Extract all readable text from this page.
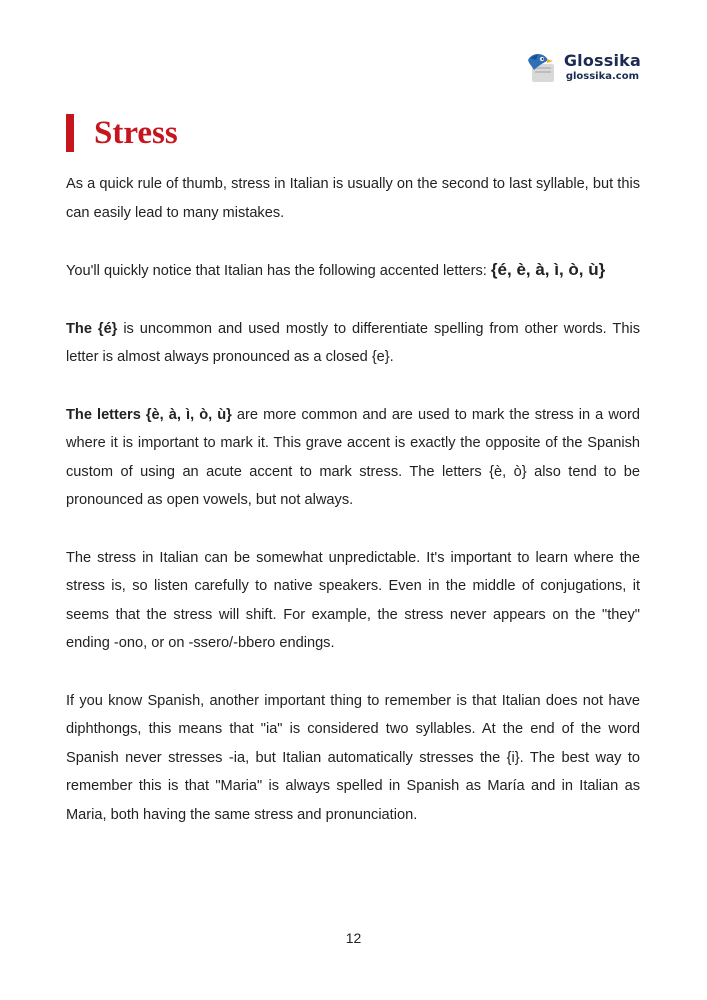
Glossika
glossika.com
Stress

As a quick rule of thumb, stress in Italian is usually on the second to last syllable, but this can easily lead to many mistakes.

You'll quickly notice that Italian has the following accented letters: {é, è, à, ì, ò, ù}

The {é} is uncommon and used mostly to differentiate spelling from other words. This letter is almost always pronounced as a closed {e}.

The letters {è, à, ì, ò, ù} are more common and are used to mark the stress in a word where it is important to mark it. This grave accent is exactly the opposite of the Spanish custom of using an acute accent to mark stress. The letters {è, ò} also tend to be pronounced as open vowels, but not always.

The stress in Italian can be somewhat unpredictable. It's important to learn where the stress is, so listen carefully to native speakers. Even in the middle of conjugations, it seems that the stress will shift. For example, the stress never appears on the "they" ending -ono, or on -ssero/-bbero endings.

If you know Spanish, another important thing to remember is that Italian does not have diphthongs, this means that "ia" is considered two syllables. At the end of the word Spanish never stresses -ia, but Italian automatically stresses the {i}. The best way to remember this is that "Maria" is always spelled in Spanish as María and in Italian as Maria, both having the same stress and pronunciation.

12
